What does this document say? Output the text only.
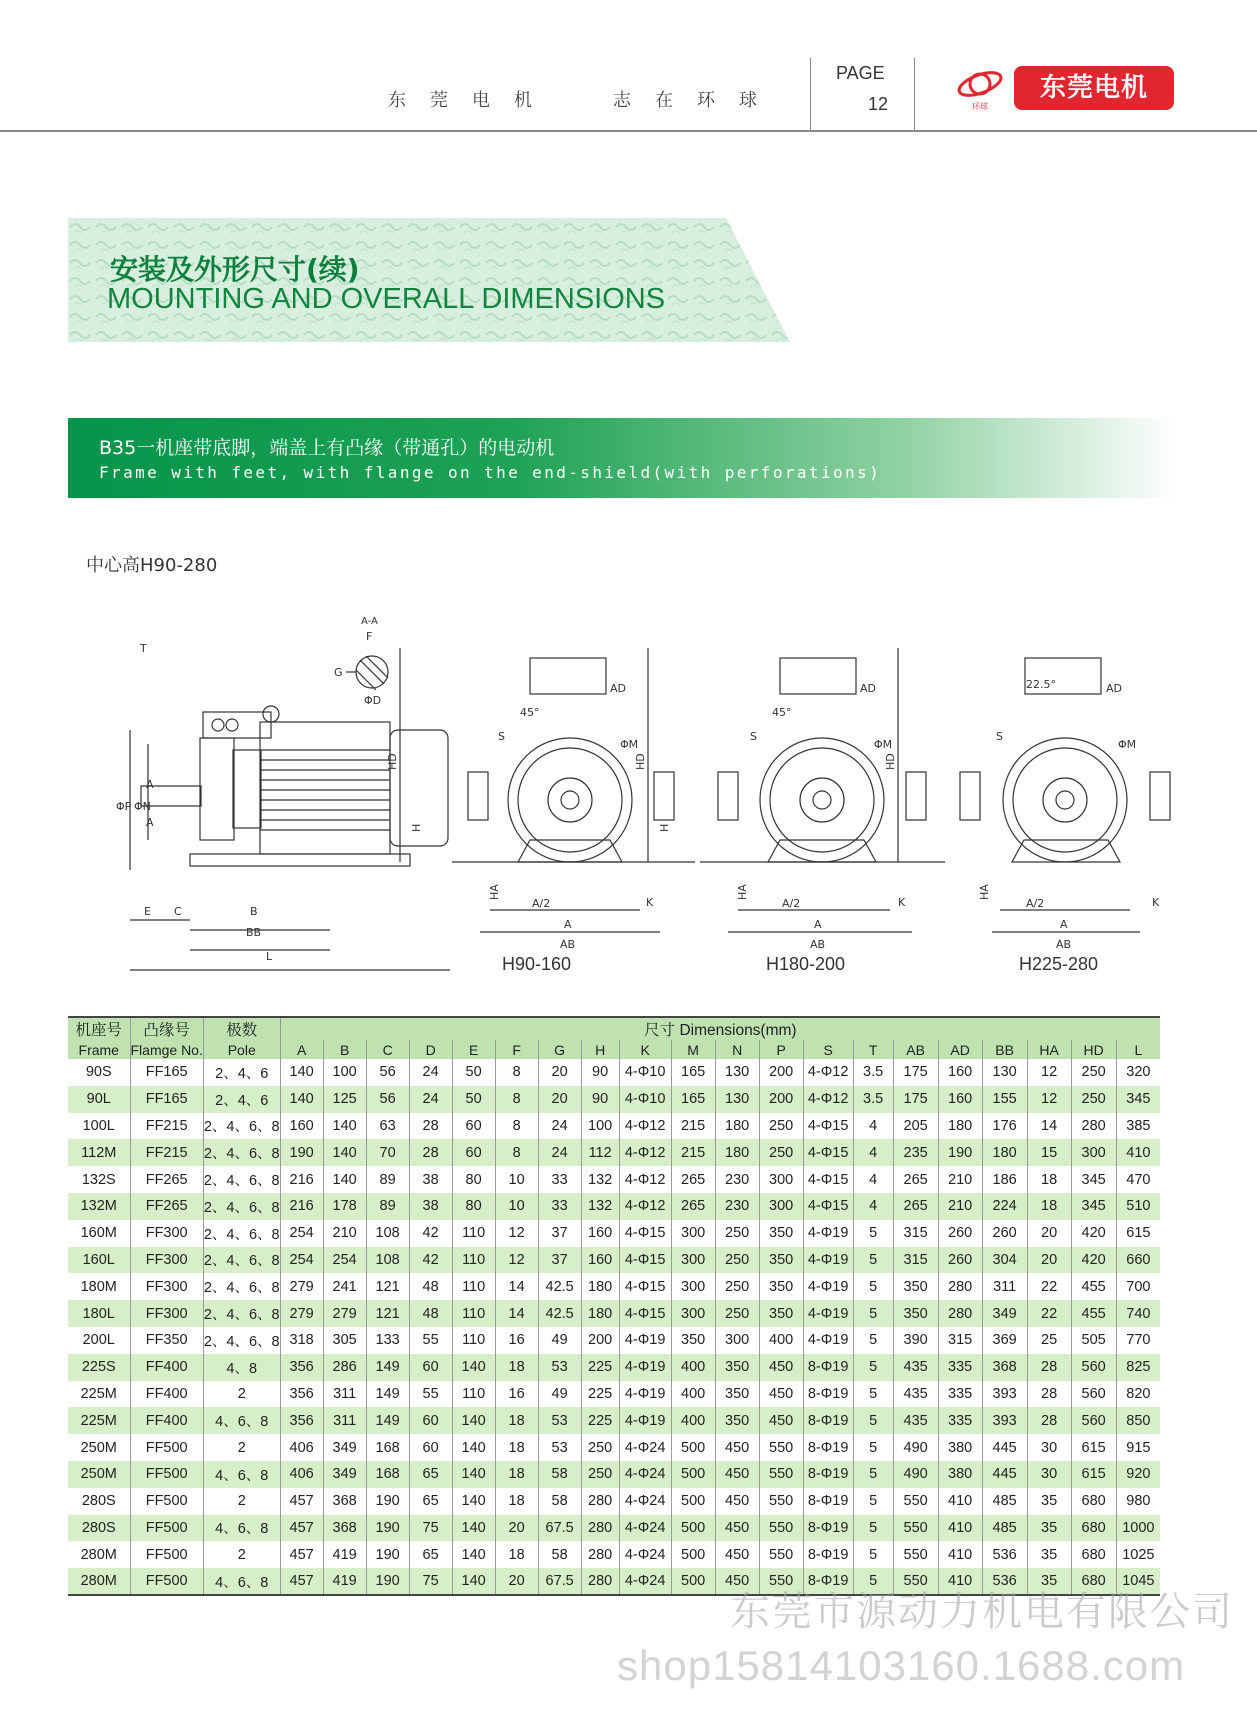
东莞电机	志在环球
PAGE
12	环球
东莞电机
安装及外形尺寸(续)
MOUNTING AND OVERALL DIMENSIONS
B35一机座带底脚，端盖上有凸缘（带通孔）的电动机
Frame with feet, with flange on the end-shield(with perforations)
中心高H90-280
A-A
T
ΦP ΦN
A
A
E C	B
BB
L
F
G
ΦD
AD
45°
S
ΦM
HD
H
HA
A/2
A
AB
K
AD
45°
S
ΦM
HD
H
HA
A/2
A
AB
K
AD
22.5°
S
ΦM
HD
HA
A/2
A
AB
K
H90-160	H180-200	H225-280
机座号	凸缘号	极数	尺寸 Dimensions(mm)																			
Frame	Flamge No.	Pole	A	B	C	D	E	F	G	H	K	M	N	P	S	T	AB	AD	BB	HA	HD	L
90S	FF165	2、4、6	140	100	56	24	50	8	20	90	4-Φ10	165	130	200	4-Φ12	3.5	175	160	130	12	250	320
90L	FF165	2、4、6	140	125	56	24	50	8	20	90	4-Φ10	165	130	200	4-Φ12	3.5	175	160	155	12	250	345
100L	FF215	2、4、6、8	160	140	63	28	60	8	24	100	4-Φ12	215	180	250	4-Φ15	4	205	180	176	14	280	385
112M	FF215	2、4、6、8	190	140	70	28	60	8	24	112	4-Φ12	215	180	250	4-Φ15	4	235	190	180	15	300	410
132S	FF265	2、4、6、8	216	140	89	38	80	10	33	132	4-Φ12	265	230	300	4-Φ15	4	265	210	186	18	345	470
132M	FF265	2、4、6、8	216	178	89	38	80	10	33	132	4-Φ12	265	230	300	4-Φ15	4	265	210	224	18	345	510
160M	FF300	2、4、6、8	254	210	108	42	110	12	37	160	4-Φ15	300	250	350	4-Φ19	5	315	260	260	20	420	615
160L	FF300	2、4、6、8	254	254	108	42	110	12	37	160	4-Φ15	300	250	350	4-Φ19	5	315	260	304	20	420	660
180M	FF300	2、4、6、8	279	241	121	48	110	14	42.5	180	4-Φ15	300	250	350	4-Φ19	5	350	280	311	22	455	700
180L	FF300	2、4、6、8	279	279	121	48	110	14	42.5	180	4-Φ15	300	250	350	4-Φ19	5	350	280	349	22	455	740
200L	FF350	2、4、6、8	318	305	133	55	110	16	49	200	4-Φ19	350	300	400	4-Φ19	5	390	315	369	25	505	770
225S	FF400	4、8	356	286	149	60	140	18	53	225	4-Φ19	400	350	450	8-Φ19	5	435	335	368	28	560	825
225M	FF400	2	356	311	149	55	110	16	49	225	4-Φ19	400	350	450	8-Φ19	5	435	335	393	28	560	820
225M	FF400	4、6、8	356	311	149	60	140	18	53	225	4-Φ19	400	350	450	8-Φ19	5	435	335	393	28	560	850
250M	FF500	2	406	349	168	60	140	18	53	250	4-Φ24	500	450	550	8-Φ19	5	490	380	445	30	615	915
250M	FF500	4、6、8	406	349	168	65	140	18	58	250	4-Φ24	500	450	550	8-Φ19	5	490	380	445	30	615	920
280S	FF500	2	457	368	190	65	140	18	58	280	4-Φ24	500	450	550	8-Φ19	5	550	410	485	35	680	980
280S	FF500	4、6、8	457	368	190	75	140	20	67.5	280	4-Φ24	500	450	550	8-Φ19	5	550	410	485	35	680	1000
280M	FF500	2	457	419	190	65	140	18	58	280	4-Φ24	500	450	550	8-Φ19	5	550	410	536	35	680	1025
280M	FF500	4、6、8	457	419	190	75	140	20	67.5	280	4-Φ24	500	450	550	8-Φ19	5	550	410	536	35	680	1045
东莞市源动力机电有限公司
shop1581410316​0.1688.com
